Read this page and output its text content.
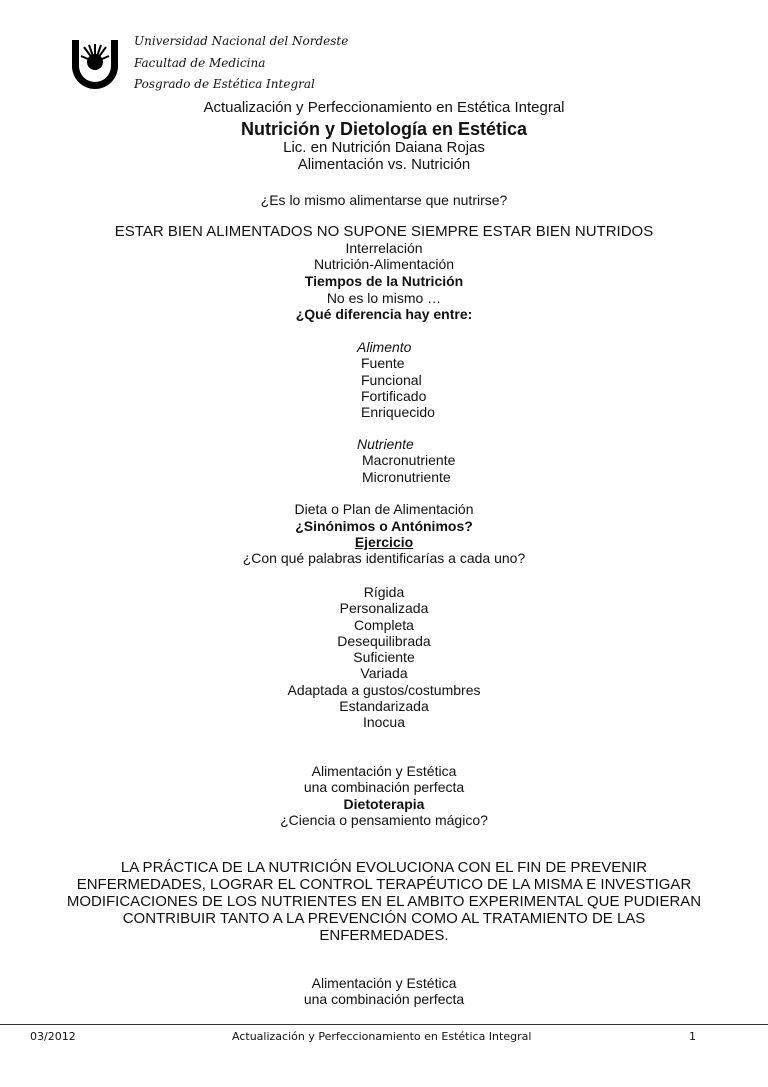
Universidad Nacional del Nordeste
Facultad de Medicina
Posgrado de Estética Integral
Actualización y Perfeccionamiento en Estética Integral
Nutrición y Dietología en Estética
Lic. en Nutrición Daiana Rojas
Alimentación vs. Nutrición
¿Es lo mismo alimentarse que nutrirse?
ESTAR BIEN ALIMENTADOS NO SUPONE SIEMPRE ESTAR BIEN NUTRIDOS
Interrelación
Nutrición-Alimentación
Tiempos de la Nutrición
No es lo mismo …
¿Qué diferencia hay entre:
Alimento
Fuente
Funcional
Fortificado
Enriquecido
Nutriente
Macronutriente
Micronutriente
Dieta o Plan de Alimentación
¿Sinónimos o Antónimos?
Ejercicio
¿Con qué palabras identificarías a cada uno?
Rígida
Personalizada
Completa
Desequilibrada
Suficiente
Variada
Adaptada a gustos/costumbres
Estandarizada
Inocua
Alimentación y Estética
una combinación perfecta
Dietoterapia
¿Ciencia o pensamiento mágico?
LA PRÁCTICA DE LA NUTRICIÓN EVOLUCIONA CON EL FIN DE PREVENIR
ENFERMEDADES, LOGRAR EL CONTROL TERAPÉUTICO DE LA MISMA E INVESTIGAR
MODIFICACIONES DE LOS NUTRIENTES EN EL AMBITO EXPERIMENTAL QUE PUDIERAN
CONTRIBUIR TANTO A LA PREVENCIÓN COMO AL TRATAMIENTO DE LAS
ENFERMEDADES.
Alimentación y Estética
una combinación perfecta
03/2012	Actualización y Perfeccionamiento en Estética Integral	1
